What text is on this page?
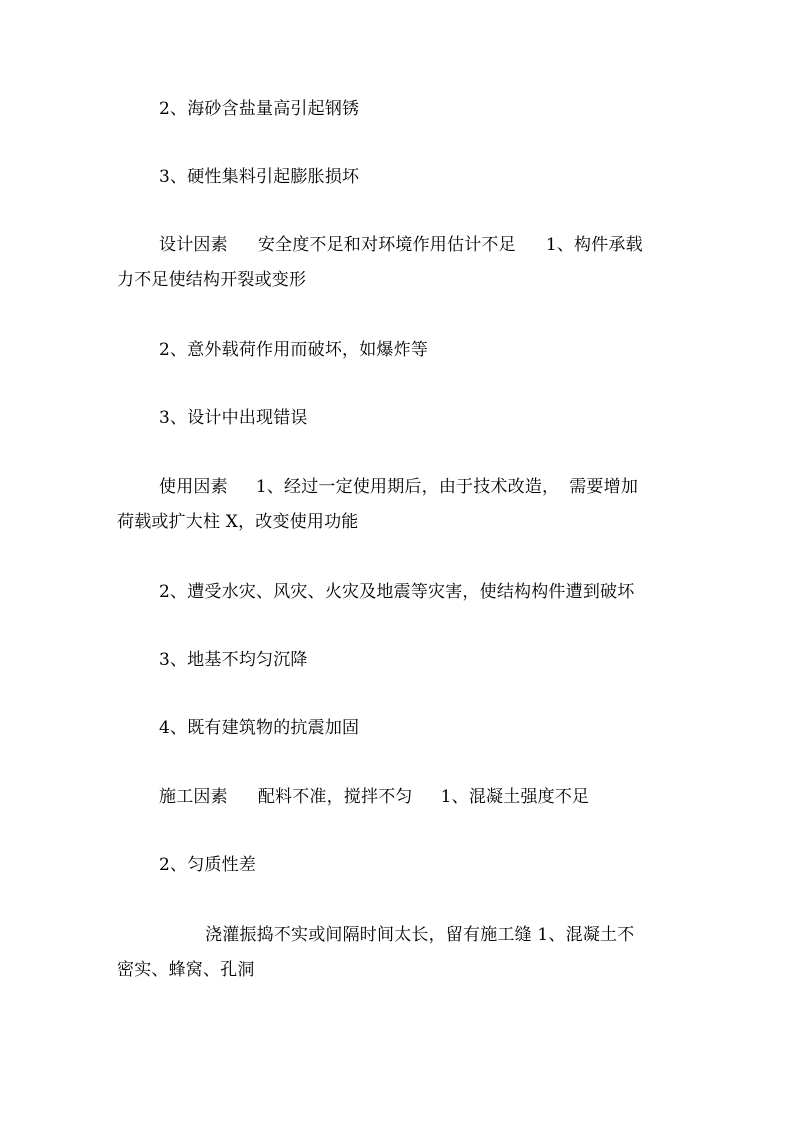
2、海砂含盐量高引起钢锈
3、硬性集料引起膨胀损坏
设计因素 安全度不足和对环境作用估计不足 1、构件承载
力不足使结构开裂或变形
2、意外载荷作用而破坏，如爆炸等
3、设计中出现错误
使用因素 1、经过一定使用期后，由于技术改造， 需要增加
荷载或扩大柱 X，改变使用功能
2、遭受水灾、风灾、火灾及地震等灾害，使结构构件遭到破坏
3、地基不均匀沉降
4、既有建筑物的抗震加固
施工因素 配料不准，搅拌不匀 1、混凝土强度不足
2、匀质性差
浇灌振捣不实或间隔时间太长，留有施工缝 1、混凝土不
密实、蜂窝、孔洞
